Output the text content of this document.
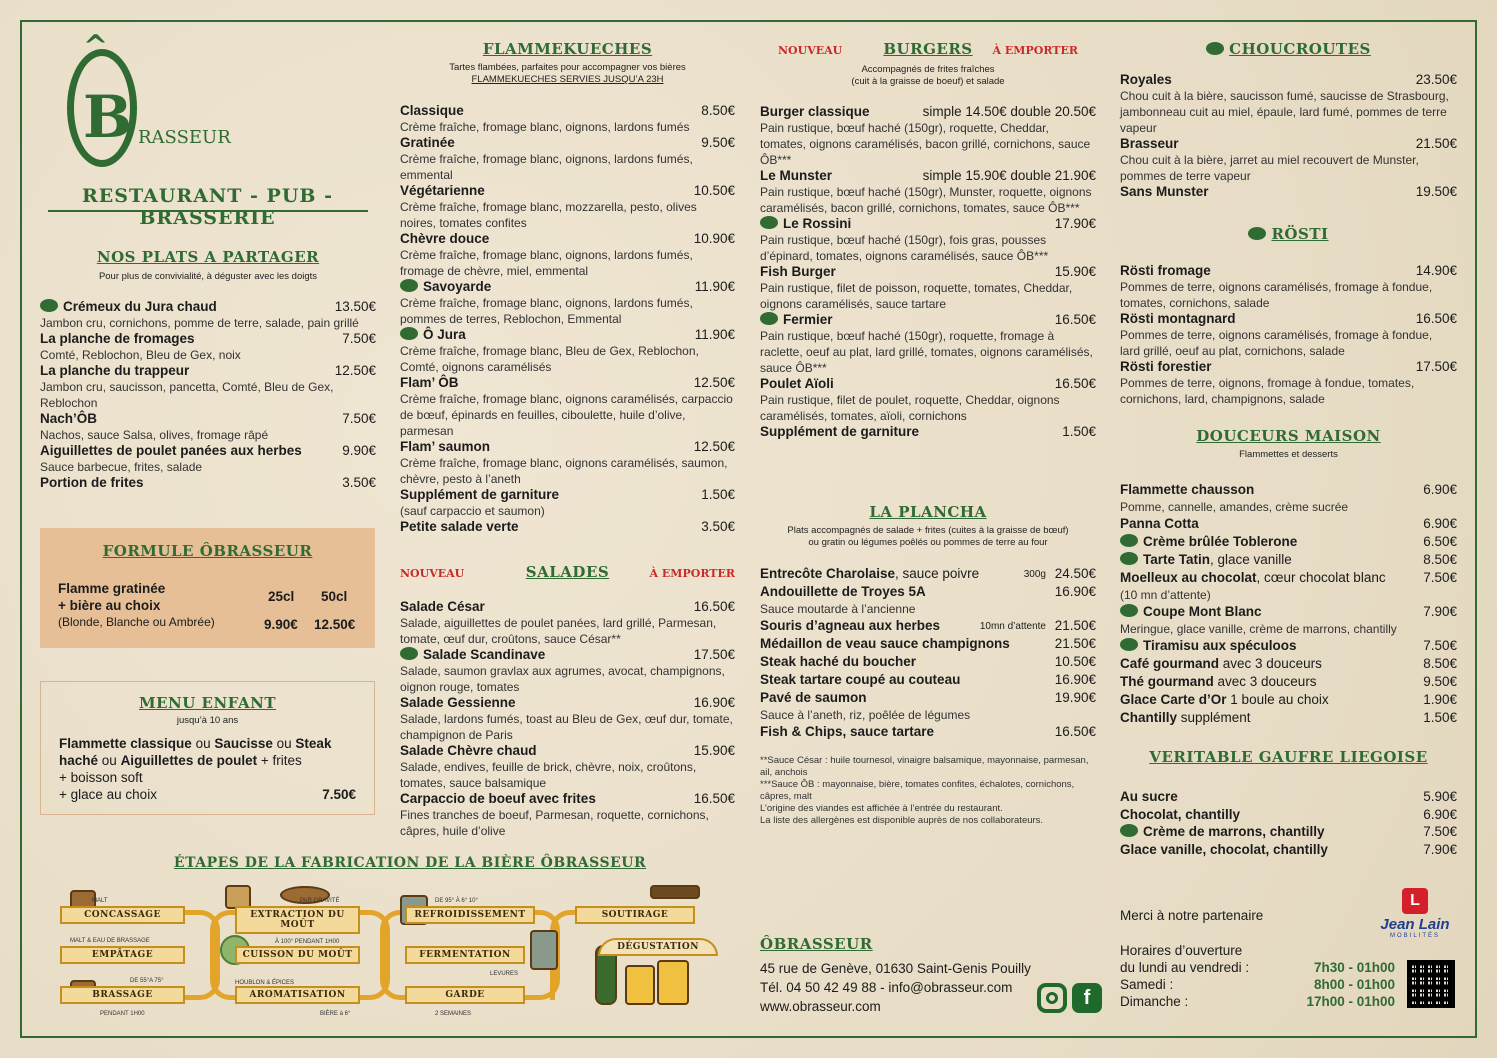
^
B RASSEUR
RESTAURANT - PUB - BRASSERIE
NOS PLATS A PARTAGER
Pour plus de convivialité, à déguster avec les doigts
Crémeux du Jura chaud	13.50€
Jambon cru, cornichons, pomme de terre, salade, pain grillé
La planche de fromages	7.50€
Comté, Reblochon, Bleu de Gex, noix
La planche du trappeur	12.50€
Jambon cru, saucisson, pancetta, Comté, Bleu de Gex, Reblochon
Nach’ÔB	7.50€
Nachos, sauce Salsa, olives, fromage râpé
Aiguillettes de poulet panées aux herbes	9.90€
Sauce barbecue, frites, salade
Portion de frites	3.50€
FORMULE ÔBRASSEUR
Flamme gratinée
+ bière au choix
(Blonde, Blanche ou Ambrée)
25cl 50cl
9.90€ 12.50€
MENU ENFANT
jusqu’à 10 ans
Flammette classique ou Saucisse ou Steak
haché ou Aiguillettes de poulet + frites
+ boisson soft
+ glace au choix	7.50€
ÉTAPES DE LA FABRICATION DE LA BIÈRE ÔBRASSEUR
CONCASSAGE
EMPÂTAGE
BRASSAGE
EXTRACTION DU MOÛT
CUISSON DU MOÛT
AROMATISATION
REFROIDISSEMENT
FERMENTATION
GARDE
SOUTIRAGE
DÉGUSTATION
MALT
MALT & EAU DE BRASSAGE
DE 55°A 75°
PENDANT 1H00
PAR GRAVITÉ
À 100° PENDANT 1H00
HOUBLON & ÉPICES
DE 95° À 6° 10°
LEVURES
2 SEMAINES
BIÈRE à 6°
FLAMMEKUECHES
Tartes flambées, parfaites pour accompagner vos bières
FLAMMEKUECHES SERVIES JUSQU’A 23H
Classique	8.50€
Crème fraîche, fromage blanc, oignons, lardons fumés
Gratinée	9.50€
Crème fraîche, fromage blanc, oignons, lardons fumés, emmental
Végétarienne	10.50€
Crème fraîche, fromage blanc, mozzarella, pesto, olives noires, tomates confites
Chèvre douce	10.90€
Crème fraîche, fromage blanc, oignons, lardons fumés, fromage de chèvre, miel, emmental
Savoyarde	11.90€
Crème fraîche, fromage blanc, oignons, lardons fumés, pommes de terres, Reblochon, Emmental
Ô Jura	11.90€
Crème fraîche, fromage blanc, Bleu de Gex, Reblochon, Comté, oignons caramélisés
Flam’ ÔB	12.50€
Crème fraîche, fromage blanc, oignons caramélisés, carpaccio de bœuf, épinards en feuilles, ciboulette, huile d’olive, parmesan
Flam’ saumon	12.50€
Crème fraîche, fromage blanc, oignons caramélisés, saumon, chèvre, pesto à l’aneth
Supplément de garniture	1.50€
(sauf carpaccio et saumon)
Petite salade verte	3.50€
NOUVEAU	SALADES	À EMPORTER
Salade César	16.50€
Salade, aiguillettes de poulet panées, lard grillé, Parmesan, tomate, œuf dur, croûtons, sauce César**
Salade Scandinave	17.50€
Salade, saumon gravlax aux agrumes, avocat, champignons, oignon rouge, tomates
Salade Gessienne	16.90€
Salade, lardons fumés, toast au Bleu de Gex, œuf dur, tomate, champignon de Paris
Salade Chèvre chaud	15.90€
Salade, endives, feuille de brick, chèvre, noix, croûtons, tomates, sauce balsamique
Carpaccio de boeuf avec frites	16.50€
Fines tranches de boeuf, Parmesan, roquette, cornichons, câpres, huile d’olive
NOUVEAU	BURGERS	À EMPORTER
Accompagnés de frites fraîches
(cuit à la graisse de boeuf) et salade
Burger classique	simple 14.50€ double 20.50€
Pain rustique, bœuf haché (150gr), roquette, Cheddar, tomates, oignons caramélisés, bacon grillé, cornichons, sauce ÔB***
Le Munster	simple 15.90€ double 21.90€
Pain rustique, bœuf haché (150gr), Munster, roquette, oignons caramélisés, bacon grillé, cornichons, tomates, sauce ÔB***
Le Rossini	17.90€
Pain rustique, bœuf haché (150gr), fois gras, pousses d’épinard, tomates, oignons caramélisés, sauce ÔB***
Fish Burger	15.90€
Pain rustique, filet de poisson, roquette, tomates, Cheddar, oignons caramélisés, sauce tartare
Fermier	16.50€
Pain rustique, bœuf haché (150gr), roquette, fromage à raclette, oeuf au plat, lard grillé, tomates, oignons caramélisés, sauce ÔB***
Poulet Aïoli	16.50€
Pain rustique, filet de poulet, roquette, Cheddar, oignons caramélisés, tomates, aïoli, cornichons
Supplément de garniture	1.50€
LA PLANCHA
Plats accompagnés de salade + frites (cuites à la graisse de bœuf)
ou gratin ou légumes poêlés ou pommes de terre au four
Entrecôte Charolaise, sauce poivre	300g 24.50€
Andouillette de Troyes 5A	16.90€
Sauce moutarde à l’ancienne
Souris d’agneau aux herbes	10mn d’attente 21.50€
Médaillon de veau sauce champignons	21.50€
Steak haché du boucher	10.50€
Steak tartare coupé au couteau	16.90€
Pavé de saumon	19.90€
Sauce à l’aneth, riz, poêlée de légumes
Fish & Chips, sauce tartare	16.50€
**Sauce César : huile tournesol, vinaigre balsamique, mayonnaise, parmesan, ail, anchois
***Sauce ÔB : mayonnaise, bière, tomates confites, échalotes, cornichons, câpres, malt
L’origine des viandes est affichée à l’entrée du restaurant.
La liste des allergènes est disponible auprès de nos collaborateurs.
ÔBRASSEUR
45 rue de Genève, 01630 Saint-Genis Pouilly
Tél. 04 50 42 49 88 - info@obrasseur.com
www.obrasseur.com	f
CHOUCROUTES
Royales	23.50€
Chou cuit à la bière, saucisson fumé, saucisse de Strasbourg, jambonneau cuit au miel, épaule, lard fumé, pommes de terre vapeur
Brasseur	21.50€
Chou cuit à la bière, jarret au miel recouvert de Munster, pommes de terre vapeur
Sans Munster	19.50€
RÖSTI
Rösti fromage	14.90€
Pommes de terre, oignons caramélisés, fromage à fondue, tomates, cornichons, salade
Rösti montagnard	16.50€
Pommes de terre, oignons caramélisés, fromage à fondue, lard grillé, oeuf au plat, cornichons, salade
Rösti forestier	17.50€
Pommes de terre, oignons, fromage à fondue, tomates, cornichons, lard, champignons, salade
DOUCEURS MAISON
Flammettes et desserts
Flammette chausson	6.90€
Pomme, cannelle, amandes, crème sucrée
Panna Cotta	6.90€
Crème brûlée Toblerone	6.50€
Tarte Tatin, glace vanille	8.50€
Moelleux au chocolat, cœur chocolat blanc	7.50€
(10 mn d’attente)
Coupe Mont Blanc	7.90€
Meringue, glace vanille, crème de marrons, chantilly
Tiramisu aux spéculoos	7.50€
Café gourmand avec 3 douceurs	8.50€
Thé gourmand avec 3 douceurs	9.50€
Glace Carte d’Or 1 boule au choix	1.90€
Chantilly supplément	1.50€
VERITABLE GAUFRE LIEGOISE
Au sucre	5.90€
Chocolat, chantilly	6.90€
Crème de marrons, chantilly	7.50€
Glace vanille, chocolat, chantilly	7.90€
Merci à notre partenaire
L
Jean Lain
MOBILITÉS
Horaires d’ouverture
du lundi au vendredi :	7h30 - 01h00
Samedi :	8h00 - 01h00
Dimanche :	17h00 - 01h00
